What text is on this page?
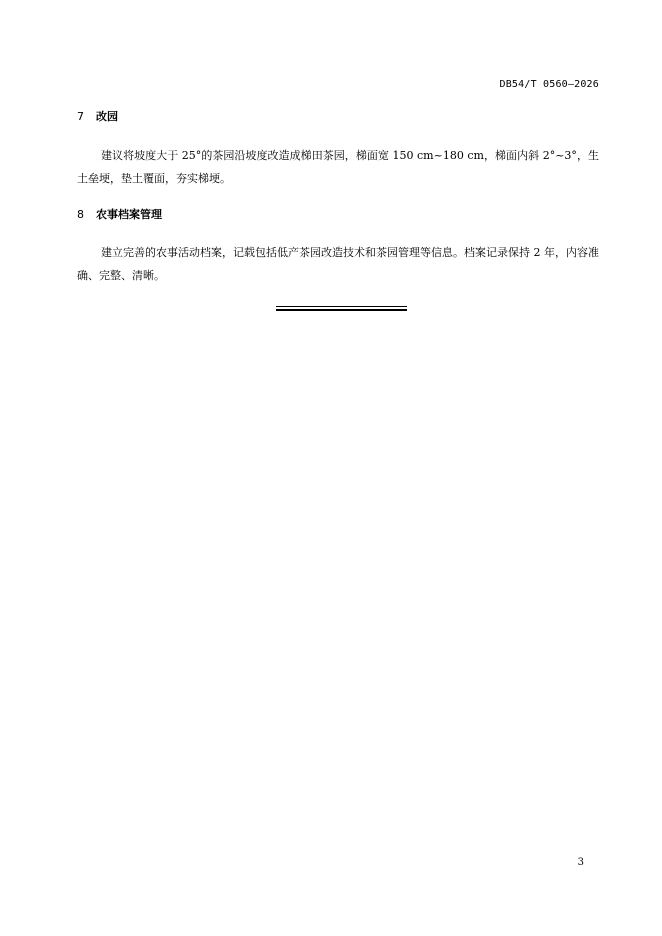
DB54/T 0560—2026
7 改园

建议将坡度大于 25°的茶园沿坡度改造成梯田茶园，梯面宽 150 cm~180 cm，梯面内斜 2°~3°，生土垒埂，垫土覆面，夯实梯埂。

8 农事档案管理

建立完善的农事活动档案，记载包括低产茶园改造技术和茶园管理等信息。档案记录保持 2 年，内容准确、完整、清晰。

3
